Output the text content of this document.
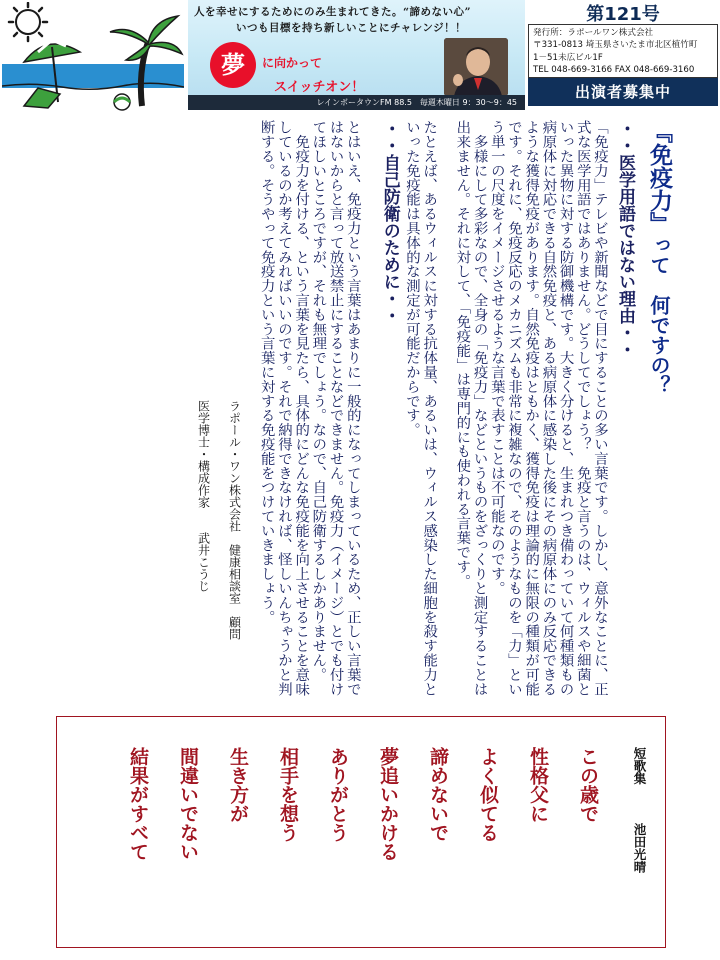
人を幸せにするためにのみ生まれてきた。“諦めない心”
いつも目標を持ち新しいことにチャレンジ！！
夢	に向かって
スイッチオン！
レインボータウンFM 88.5　毎週木曜日 9：30〜9：45
第121号
発行所：ラポールワン株式会社
〒331-0813 埼玉県さいたま市北区植竹町
1－51未広ビル1F
TEL 048-669-3166 FAX 048-669-3160
出演者募集中

『免疫力』って　何ですの？

・・医学用語ではない理由・・

「免疫力」テレビや新聞などで目にすることの多い言葉です。しかし、意外なことに、正式な医学用語ではありません。どうしてでしょう？　免疫と言うのは、ウィルスや細菌といった異物に対する防御機構です。大きく分けると、生まれつき備わっていて何種類もの病原体に対応できる自然免疫と、ある病原体に感染した後にその病原体にのみ反応できるような獲得免疫があります。自然免疫はともかく、獲得免疫は理論的に無限の種類が可能です。それに、免疫反応のメカニズムも非常に複雑なので、そのようなものを「力」という単一の尺度をイメージさせるような言葉で表すことは不可能なのです。

　多様にして多彩なので、全身の「免疫力」などというものをざっくりと測定することは出来ません。それに対して、「免疫能」は専門的にも使われる言葉です。

たとえば、あるウィルスに対する抗体量、あるいは、ウィルス感染した細胞を殺す能力といった免疫能は具体的な測定が可能だからです。

・・自己防衛のために・・

とはいえ、免疫力という言葉はあまりに一般的になってしまっているため、正しい言葉ではないからと言って放送禁止にすることなどできません。免疫力（イメージ）とでも付けてほしいところですが、それも無理でしょう。なので、自己防衛するしかありません。

　免疫力を付ける、という言葉を見たら、具体的にどんな免疫能を向上させることを意味しているのか考えてみればいいのです。それで納得できなければ、怪しいんちゃうかと判断する。そうやって免疫力という言葉に対する免疫能をつけていきましょう。

ラポール・ワン株式会社　健康相談室　顧問

医学博士・構成作家　　武井こうじ

短歌集池田光晴
この歳で
性格父に
よく似てる
諦めないで
夢追いかける
ありがとう
相手を想う
生き方が
間違いでない
結果がすべて
